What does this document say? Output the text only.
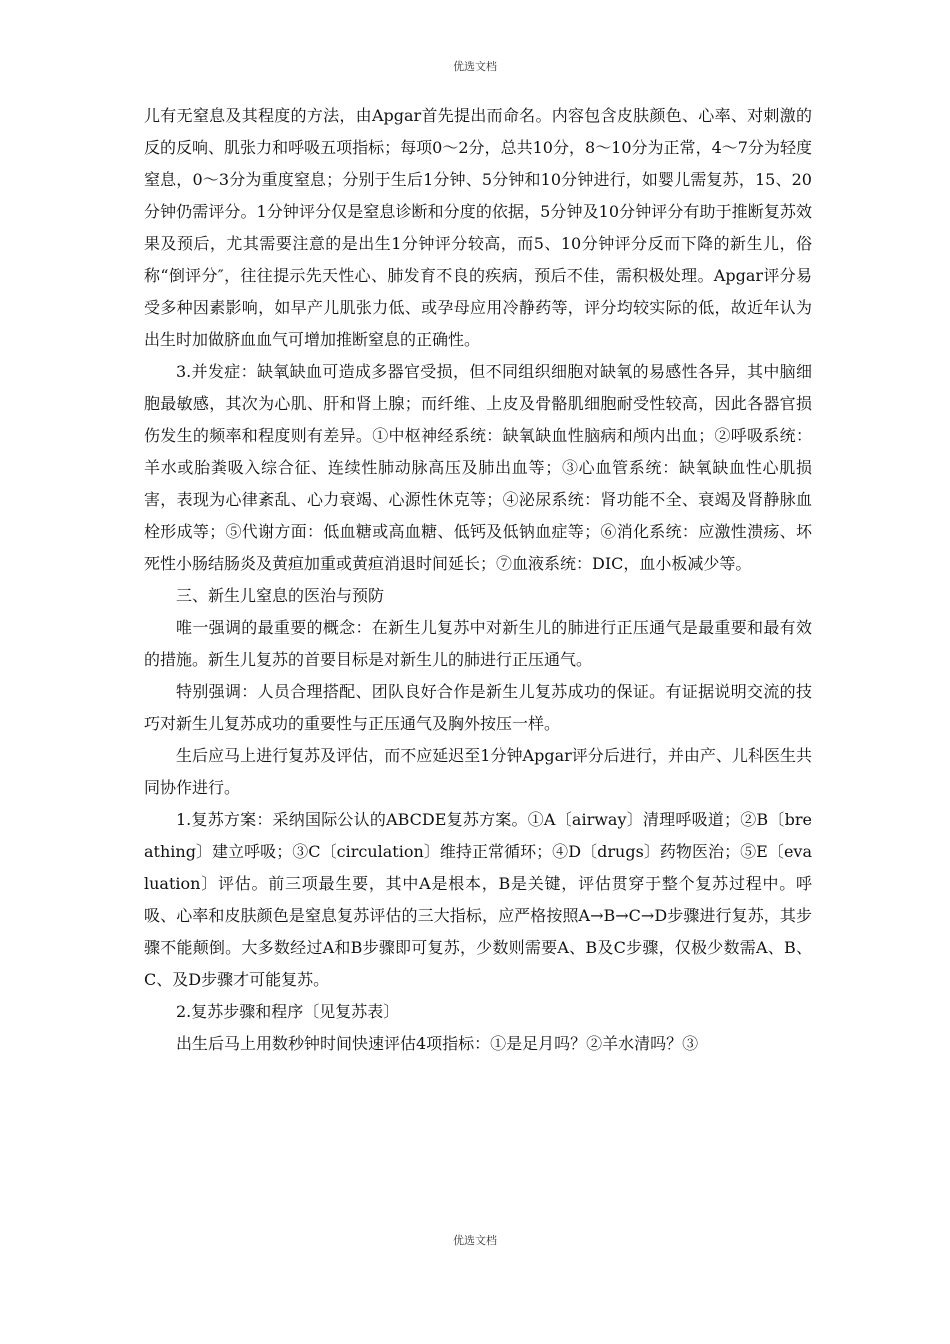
优选文档

儿有无窒息及其程度的方法，由Apgar首先提出而命名。内容包含皮肤颜色、心率、对刺激的反的反响、肌张力和呼吸五项指标；每项0～2分，总共10分，8～10分为正常，4～7分为轻度窒息，0～3分为重度窒息；分别于生后1分钟、5分钟和10分钟进行，如婴儿需复苏，15、20分钟仍需评分。1分钟评分仅是窒息诊断和分度的依据，5分钟及10分钟评分有助于推断复苏效果及预后，尤其需要注意的是出生1分钟评分较高，而5、10分钟评分反而下降的新生儿，俗称“倒评分″，往往提示先天性心、肺发育不良的疾病，预后不佳，需积极处理。Apgar评分易受多种因素影响，如早产儿肌张力低、或孕母应用冷静药等，评分均较实际的低，故近年认为出生时加做脐血血气可增加推断窒息的正确性。

3.并发症：缺氧缺血可造成多器官受损，但不同组织细胞对缺氧的易感性各异，其中脑细胞最敏感，其次为心肌、肝和肾上腺；而纤维、上皮及骨骼肌细胞耐受性较高，因此各器官损伤发生的频率和程度则有差异。①中枢神经系统：缺氧缺血性脑病和颅内出血；②呼吸系统：羊水或胎粪吸入综合征、连续性肺动脉高压及肺出血等；③心血管系统：缺氧缺血性心肌损害，表现为心律紊乱、心力衰竭、心源性休克等；④泌尿系统：肾功能不全、衰竭及肾静脉血栓形成等；⑤代谢方面：低血糖或高血糖、低钙及低钠血症等；⑥消化系统：应激性溃疡、坏死性小肠结肠炎及黄疸加重或黄疸消退时间延长；⑦血液系统：DIC，血小板减少等。

三、新生儿窒息的医治与预防

唯一强调的最重要的概念：在新生儿复苏中对新生儿的肺进行正压通气是最重要和最有效的措施。新生儿复苏的首要目标是对新生儿的肺进行正压通气。

特别强调：人员合理搭配、团队良好合作是新生儿复苏成功的保证。有证据说明交流的技巧对新生儿复苏成功的重要性与正压通气及胸外按压一样。

生后应马上进行复苏及评估，而不应延迟至1分钟Apgar评分后进行，并由产、儿科医生共同协作进行。

1.复苏方案：采纳国际公认的ABCDE复苏方案。①A〔airway〕清理呼吸道；②B〔breathing〕建立呼吸；③C〔circulation〕维持正常循环；④D〔drugs〕药物医治；⑤E〔evaluation〕评估。前三项最生要，其中A是根本，B是关键，评估贯穿于整个复苏过程中。呼吸、心率和皮肤颜色是窒息复苏评估的三大指标，应严格按照A→B→C→D步骤进行复苏，其步骤不能颠倒。大多数经过A和B步骤即可复苏，少数则需要A、B及C步骤，仅极少数需A、B、C、及D步骤才可能复苏。

2.复苏步骤和程序〔见复苏表〕

出生后马上用数秒钟时间快速评估4项指标：①是足月吗？②羊水清吗？③

优选文档
